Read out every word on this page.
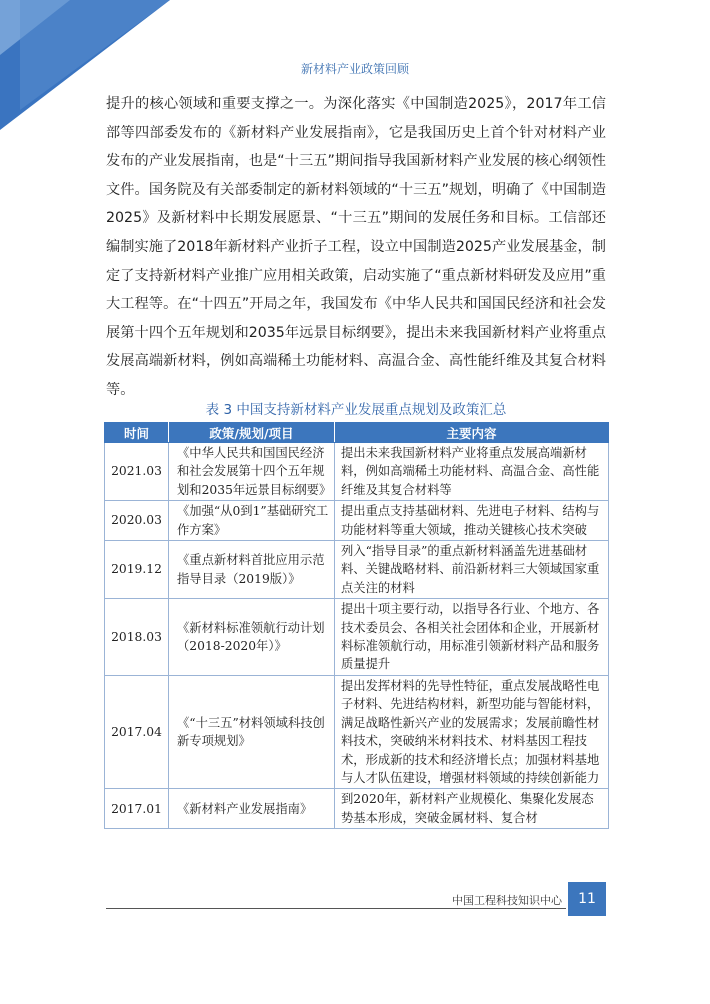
新材料产业政策回顾

提升的核心领域和重要支撑之一。为深化落实《中国制造2025》，2017年工信部等四部委发布的《新材料产业发展指南》，它是我国历史上首个针对材料产业发布的产业发展指南，也是“十三五”期间指导我国新材料产业发展的核心纲领性文件。国务院及有关部委制定的新材料领域的“十三五”规划，明确了《中国制造2025》及新材料中长期发展愿景、“十三五”期间的发展任务和目标。工信部还编制实施了2018年新材料产业折子工程，设立中国制造2025产业发展基金，制定了支持新材料产业推广应用相关政策，启动实施了“重点新材料研发及应用”重大工程等。在“十四五”开局之年，我国发布《中华人民共和国国民经济和社会发展第十四个五年规划和2035年远景目标纲要》，提出未来我国新材料产业将重点发展高端新材料，例如高端稀土功能材料、高温合金、高性能纤维及其复合材料等。

表 3 中国支持新材料产业发展重点规划及政策汇总
时间	政策/规划/项目	主要内容
2021.03	《中华人民共和国国民经济和社会发展第十四个五年规划和2035年远景目标纲要》	提出未来我国新材料产业将重点发展高端新材料，例如高端稀土功能材料、高温合金、高性能纤维及其复合材料等
2020.03	《加强“从0到1”基础研究工作方案》	提出重点支持基础材料、先进电子材料、结构与功能材料等重大领域，推动关键核心技术突破
2019.12	《重点新材料首批应用示范指导目录（2019版）》	列入“指导目录”的重点新材料涵盖先进基础材料、关键战略材料、前沿新材料三大领域国家重点关注的材料
2018.03	《新材料标准领航行动计划（2018-2020年）》	提出十项主要行动，以指导各行业、个地方、各技术委员会、各相关社会团体和企业，开展新材料标准领航行动，用标准引领新材料产品和服务质量提升
2017.04	《“十三五”材料领域科技创新专项规划》	提出发挥材料的先导性特征，重点发展战略性电子材料、先进结构材料，新型功能与智能材料，满足战略性新兴产业的发展需求；发展前瞻性材料技术，突破纳米材料技术、材料基因工程技术，形成新的技术和经济增长点；加强材料基地与人才队伍建设，增强材料领域的持续创新能力
2017.01	《新材料产业发展指南》	到2020年，新材料产业规模化、集聚化发展态势基本形成，突破金属材料、复合材
中国工程科技知识中心	11
